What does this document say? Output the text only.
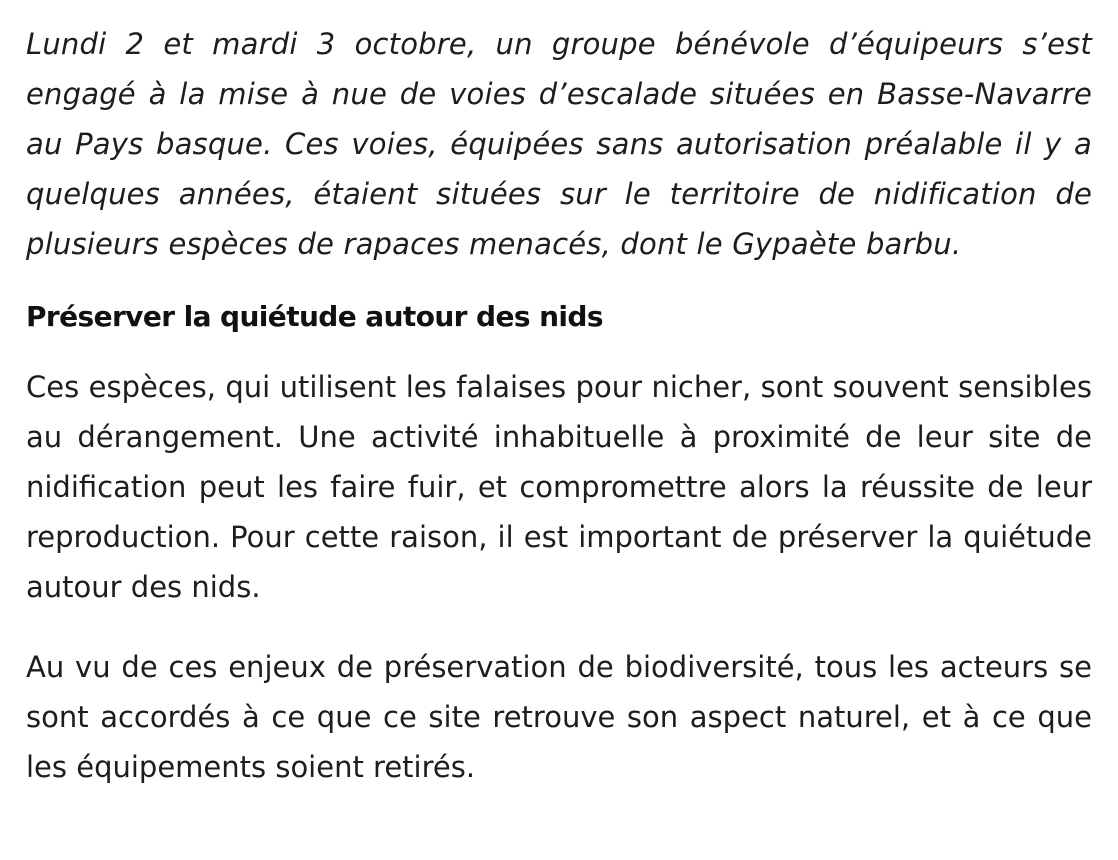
Lundi 2 et mardi 3 octobre, un groupe bénévole d’équipeurs s’est engagé à la mise à nue de voies d’escalade situées en Basse-Navarre au Pays basque. Ces voies, équipées sans autorisation préalable il y a quelques années, étaient situées sur le territoire de nidification de plusieurs espèces de rapaces menacés, dont le Gypaète barbu.

Préserver la quiétude autour des nids

Ces espèces, qui utilisent les falaises pour nicher, sont souvent sensibles au dérangement. Une activité inhabituelle à proximité de leur site de nidification peut les faire fuir, et compromettre alors la réussite de leur reproduction. Pour cette raison, il est important de préserver la quiétude autour des nids.

Au vu de ces enjeux de préservation de biodiversité, tous les acteurs se sont accordés à ce que ce site retrouve son aspect naturel, et à ce que les équipements soient retirés.
